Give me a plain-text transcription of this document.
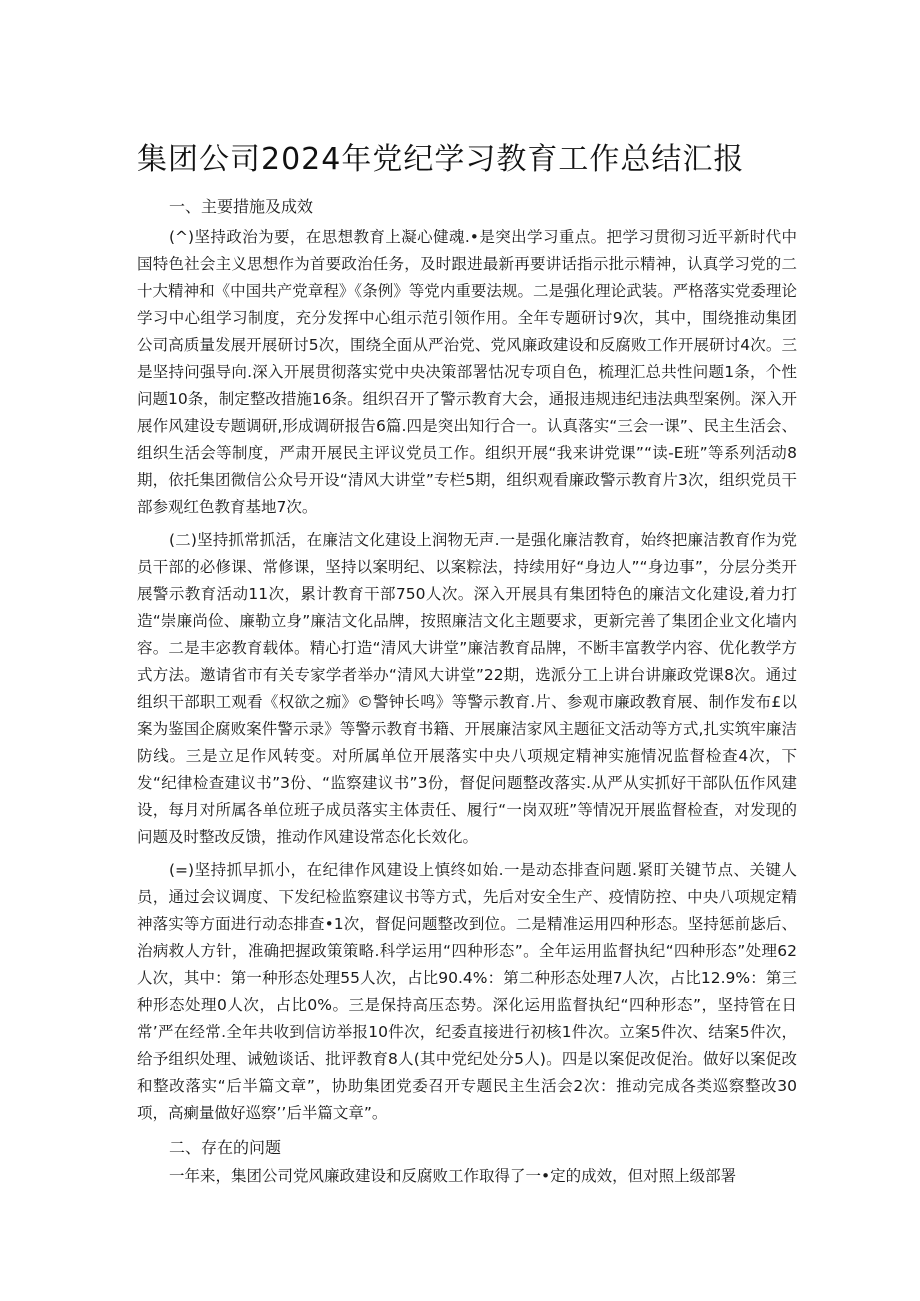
集团公司2024年党纪学习教育工作总结汇报
一、主要措施及成效

(^)坚持政治为要，在思想教育上凝心健魂.•是突出学习重点。把学习贯彻习近平新时代中国特色社会主义思想作为首要政治任务，及时跟进最新再要讲话指示批示精神，认真学习党的二十大精神和《中国共产党章程》《条例》等党内重要法规。二是强化理论武装。严格落实党委理论学习中心组学习制度，充分发挥中心组示范引领作用。全年专题研讨9次，其中，围绕推动集团公司高质量发展开展研讨5次，围绕全面从严治党、党风廉政建设和反腐败工作开展研讨4次。三是坚持问强导向.深入开展贯彻落实党中央决策部署怙况专项自色，梳理汇总共性问题1条，个性问题10条，制定整改措施16条。组织召开了警示教育大会，通报违规违纪违法典型案例。深入开展作风建设专题调研,形成调研报告6篇.四是突出知行合一。认真落实“三会一课”、民主生活会、组织生活会等制度，严肃开展民主评议党员工作。组织开展“我来讲党课”“读-E班”等系列活动8期，依托集团微信公众号开设“清风大讲堂”专栏5期，组织观看廉政警示教育片3次，组织党员干部参观红色教育基地7次。

(二)坚持抓常抓活，在廉洁文化建设上润物无声.一是强化廉洁教育，始终把廉洁教育作为党员干部的必修课、常修课，坚持以案明纪、以案粽法，持续用好“身边人”“身边事”，分层分类开展警示教育活动11次，累计教育干部750人次。深入开展具有集团特色的廉洁文化建设,着力打造“崇廉尚俭、廉勒立身”廉洁文化品牌，按照廉洁文化主题要求，更新完善了集团企业文化墙内容。二是丰宓教育载体。精心打造“清风大讲堂”廉洁教育品牌，不断丰富教学内容、优化教学方式方法。邀请省市有关专家学者举办“清风大讲堂”22期，选派分工上讲台讲廉政党课8次。通过组织干部职工观看《权欲之痂》©警钟长鸣》等警示教育.片、参观市廉政教育展、制作发布£以案为鉴国企腐败案件警示录》等警示教育书籍、开展廉洁家风主题征文活动等方式,扎实筑牢廉洁防线。三是立足作风转变。对所属单位开展落实中央八项规定精神实施情况监督检查4次，下发“纪律检查建议书”3份、“监察建议书”3份，督促问题整改落实.从严从实抓好干部队伍作风建设，每月对所属各单位班子成员落实主体责任、履行“一岗双班”等情况开展监督检查，对发现的问题及时整改反馈，推动作风建设常态化长效化。

(=)坚持抓早抓小，在纪律作风建设上慎终如始.一是动态排查问题.紧盯关键节点、关键人员，通过会议调度、下发纪检监察建议书等方式，先后对安全生产、疫情防控、中央八项规定精神落实等方面进行动态排查•1次，督促问题整改到位。二是精准运用四种形态。坚持惩前毖后、治病救人方针，准确把握政策策略.科学运用“四种形态”。全年运用监督执纪“四种形态”处理62人次，其中：第一种形态处理55人次，占比90.4%：第二种形态处理7人次，占比12.9%：第三种形态处理0人次，占比0%。三是保持高压态势。深化运用监督执纪“四种形态”，坚持管在日常’严在经常.全年共收到信访举报10件次，纪委直接进行初核1件次。立案5件次、结案5件次，给予组织处理、诫勉谈话、批评教育8人(其中党纪处分5人)。四是以案促改促治。做好以案促改和整改落实“后半篇文章”，协助集团党委召开专题民主生活会2次：推动完成各类巡察整改30项，高瘌量做好巡察’’后半篇文章”。

二、存在的问题

一年来，集团公司党风廉政建设和反腐败工作取得了一•定的成效，但对照上级部署
